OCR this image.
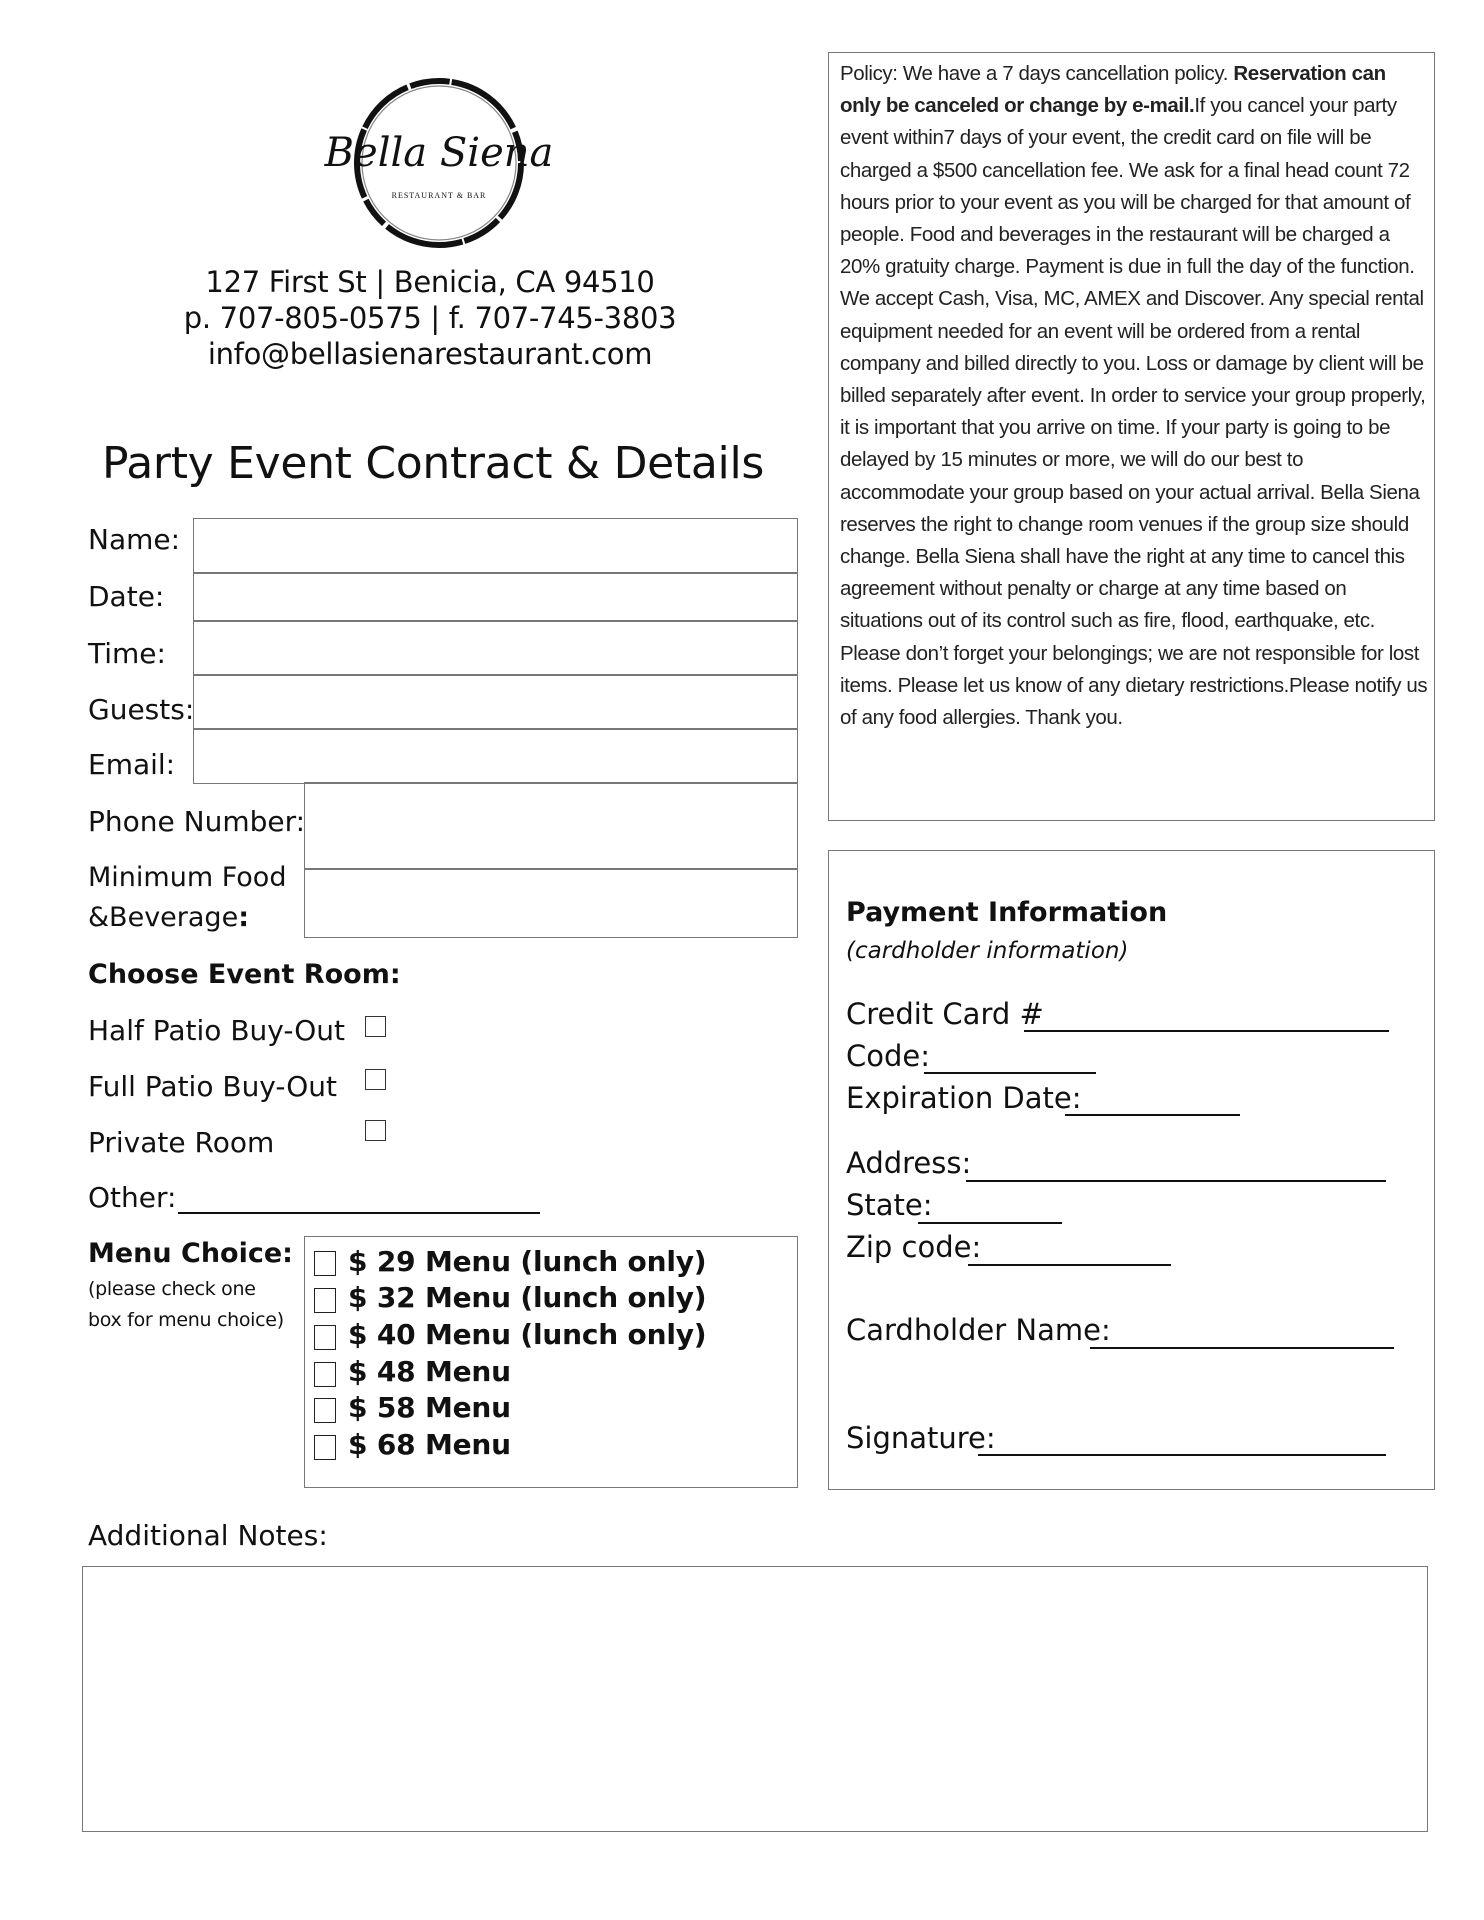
Bella Siena
RESTAURANT & BAR
127 First St | Benicia, CA 94510
p. 707-805-0575 | f. 707-745-3803
info@bellasienarestaurant.com
Party Event Contract & Details
Name:
Date:
Time:
Guests:
Email:
Phone Number:
Minimum Food
&Beverage:
Choose Event Room:
Half Patio Buy-Out
Full Patio Buy-Out
Private Room
Other:
Menu Choice:
(please check one
box for menu choice)
$ 29 Menu (lunch only)
$ 32 Menu (lunch only)
$ 40 Menu (lunch only)
$ 48 Menu
$ 58 Menu
$ 68 Menu
Additional Notes:
Policy: We have a 7 days cancellation policy. Reservation can only be canceled or change by e-mail.If you cancel your party event within7 days of your event, the credit card on file will be charged a $500 cancellation fee. We ask for a final head count 72 hours prior to your event as you will be charged for that amount of people. Food and beverages in the restaurant will be charged a 20% gratuity charge. Payment is due in full the day of the function. We accept Cash, Visa, MC, AMEX and Discover. Any special rental equipment needed for an event will be ordered from a rental company and billed directly to you. Loss or damage by client will be billed separately after event. In order to service your group properly, it is important that you arrive on time. If your party is going to be delayed by 15 minutes or more, we will do our best to accommodate your group based on your actual arrival. Bella Siena reserves the right to change room venues if the group size should change. Bella Siena shall have the right at any time to cancel this agreement without penalty or charge at any time based on situations out of its control such as fire, flood, earthquake, etc. Please don’t forget your belongings; we are not responsible for lost items. Please let us know of any dietary restrictions.Please notify us of any food allergies. Thank you.
Payment Information
(cardholder information)
Credit Card #
Code:
Expiration Date:
Address:
State:
Zip code:
Cardholder Name:
Signature:
